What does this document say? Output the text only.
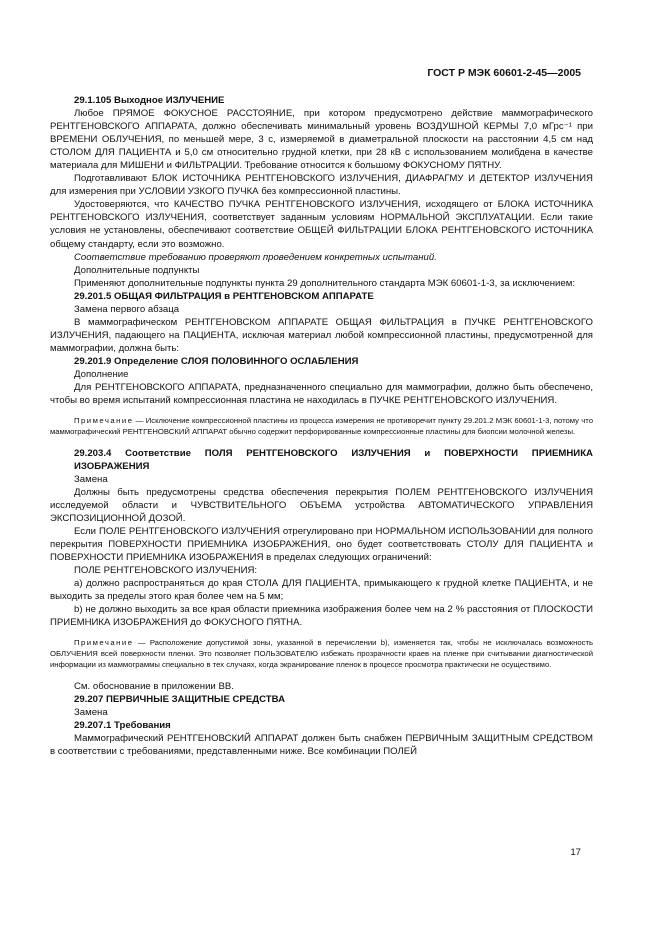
ГОСТ Р МЭК 60601-2-45—2005

29.1.105 Выходное ИЗЛУЧЕНИЕ

Любое ПРЯМОЕ ФОКУСНОЕ РАССТОЯНИЕ, при котором предусмотрено действие маммографического РЕНТГЕНОВСКОГО АППАРАТА, должно обеспечивать минимальный уровень ВОЗДУШНОЙ КЕРМЫ 7,0 мГрс⁻¹ при ВРЕМЕНИ ОБЛУЧЕНИЯ, по меньшей мере, 3 с, измеряемой в диаметральной плоскости на расстоянии 4,5 см над СТОЛОМ ДЛЯ ПАЦИЕНТА и 5,0 см относительно грудной клетки, при 28 кВ с использованием молибдена в качестве материала для МИШЕНИ и ФИЛЬТРАЦИИ. Требование относится к большому ФОКУСНОМУ ПЯТНУ.

Подготавливают БЛОК ИСТОЧНИКА РЕНТГЕНОВСКОГО ИЗЛУЧЕНИЯ, ДИАФРАГМУ И ДЕТЕКТОР ИЗЛУЧЕНИЯ для измерения при УСЛОВИИ УЗКОГО ПУЧКА без компрессионной пластины.

Удостоверяются, что КАЧЕСТВО ПУЧКА РЕНТГЕНОВСКОГО ИЗЛУЧЕНИЯ, исходящего от БЛОКА ИСТОЧНИКА РЕНТГЕНОВСКОГО ИЗЛУЧЕНИЯ, соответствует заданным условиям НОРМАЛЬНОЙ ЭКСПЛУАТАЦИИ. Если такие условия не установлены, обеспечивают соответствие ОБЩЕЙ ФИЛЬТРАЦИИ БЛОКА РЕНТГЕНОВСКОГО ИСТОЧНИКА общему стандарту, если это возможно.

Соответствие требованию проверяют проведением конкретных испытаний.

Дополнительные подпункты

Применяют дополнительные подпункты пункта 29 дополнительного стандарта МЭК 60601-1-3, за исключением:

29.201.5 ОБЩАЯ ФИЛЬТРАЦИЯ в РЕНТГЕНОВСКОМ АППАРАТЕ

Замена первого абзаца

В маммографическом РЕНТГЕНОВСКОМ АППАРАТЕ ОБЩАЯ ФИЛЬТРАЦИЯ в ПУЧКЕ РЕНТГЕНОВСКОГО ИЗЛУЧЕНИЯ, падающего на ПАЦИЕНТА, исключая материал любой компрессионной пластины, предусмотренной для маммографии, должна быть:

29.201.9 Определение СЛОЯ ПОЛОВИННОГО ОСЛАБЛЕНИЯ

Дополнение

Для РЕНТГЕНОВСКОГО АППАРАТА, предназначенного специально для маммографии, должно быть обеспечено, чтобы во время испытаний компрессионная пластина не находилась в ПУЧКЕ РЕНТГЕНОВСКОГО ИЗЛУЧЕНИЯ.

Примечание — Исключение компрессионной пластины из процесса измерения не противоречит пункту 29.201.2 МЭК 60601-1-3, потому что маммографический РЕНТГЕНОВСКИЙ АППАРАТ обычно содержит перфорированные компрессионные пластины для биопсии молочной железы.

29.203.4 Соответствие ПОЛЯ РЕНТГЕНОВСКОГО ИЗЛУЧЕНИЯ и ПОВЕРХНОСТИ ПРИЕМНИКА ИЗОБРАЖЕНИЯ

Замена

Должны быть предусмотрены средства обеспечения перекрытия ПОЛЕМ РЕНТГЕНОВСКОГО ИЗЛУЧЕНИЯ исследуемой области и ЧУВСТВИТЕЛЬНОГО ОБЪЕМА устройства АВТОМАТИЧЕСКОГО УПРАВЛЕНИЯ ЭКСПОЗИЦИОННОЙ ДОЗОЙ.

Если ПОЛЕ РЕНТГЕНОВСКОГО ИЗЛУЧЕНИЯ отрегулировано при НОРМАЛЬНОМ ИСПОЛЬЗОВАНИИ для полного перекрытия ПОВЕРХНОСТИ ПРИЕМНИКА ИЗОБРАЖЕНИЯ, оно будет соответствовать СТОЛУ ДЛЯ ПАЦИЕНТА и ПОВЕРХНОСТИ ПРИЕМНИКА ИЗОБРАЖЕНИЯ в пределах следующих ограничений:

ПОЛЕ РЕНТГЕНОВСКОГО ИЗЛУЧЕНИЯ:

a) должно распространяться до края СТОЛА ДЛЯ ПАЦИЕНТА, примыкающего к грудной клетке ПАЦИЕНТА, и не выходить за пределы этого края более чем на 5 мм;

b) не должно выходить за все края области приемника изображения более чем на 2 % расстояния от ПЛОСКОСТИ ПРИЕМНИКА ИЗОБРАЖЕНИЯ до ФОКУСНОГО ПЯТНА.

Примечание — Расположение допустимой зоны, указанной в перечислении b), изменяется так, чтобы не исключалась возможность ОБЛУЧЕНИЯ всей поверхности пленки. Это позволяет ПОЛЬЗОВАТЕЛЮ избежать прозрачности краев на пленке при считывании диагностической информации из маммограммы специально в тех случаях, когда экранирование пленок в процессе просмотра практически не осуществимо.

См. обоснование в приложении ВВ.

29.207 ПЕРВИЧНЫЕ ЗАЩИТНЫЕ СРЕДСТВА

Замена

29.207.1 Требования

Маммографический РЕНТГЕНОВСКИЙ АППАРАТ должен быть снабжен ПЕРВИЧНЫМ ЗАЩИТНЫМ СРЕДСТВОМ в соответствии с требованиями, представленными ниже. Все комбинации ПОЛЕЙ

17
